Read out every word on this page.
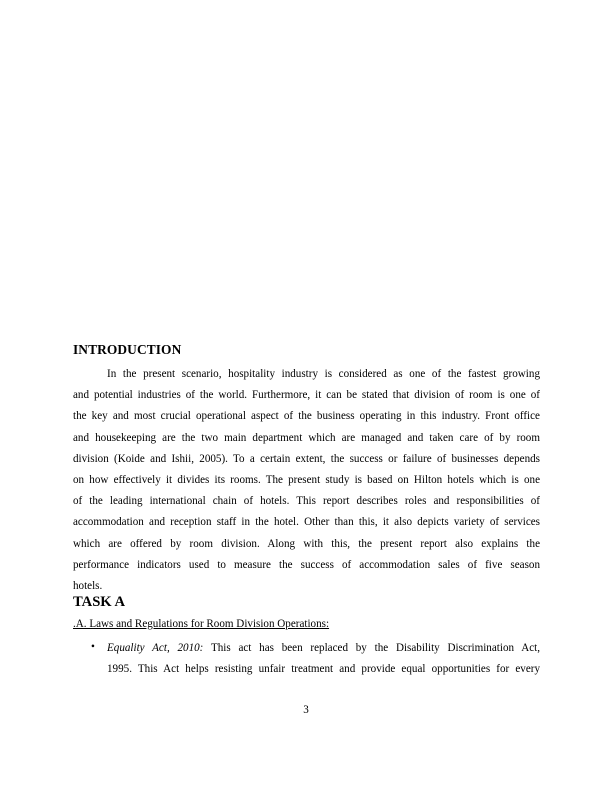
INTRODUCTION
In the present scenario, hospitality industry is considered as one of the fastest growing
and potential industries of the world. Furthermore, it can be stated that division of room is one of
the key and most crucial operational aspect of the business operating in this industry. Front office
and housekeeping are the two main department which are managed and taken care of by room
division (Koide and Ishii, 2005). To a certain extent, the success or failure of businesses depends
on how effectively it divides its rooms. The present study is based on Hilton hotels which is one
of the leading international chain of hotels. This report describes roles and responsibilities of
accommodation and reception staff in the hotel. Other than this, it also depicts variety of services
which are offered by room division. Along with this, the present report also explains the
performance indicators used to measure the success of accommodation sales of five season
hotels.
TASK A
.A. Laws and Regulations for Room Division Operations:
• Equality Act, 2010: This act has been replaced by the Disability Discrimination Act,
1995. This Act helps resisting unfair treatment and provide equal opportunities for every
3
